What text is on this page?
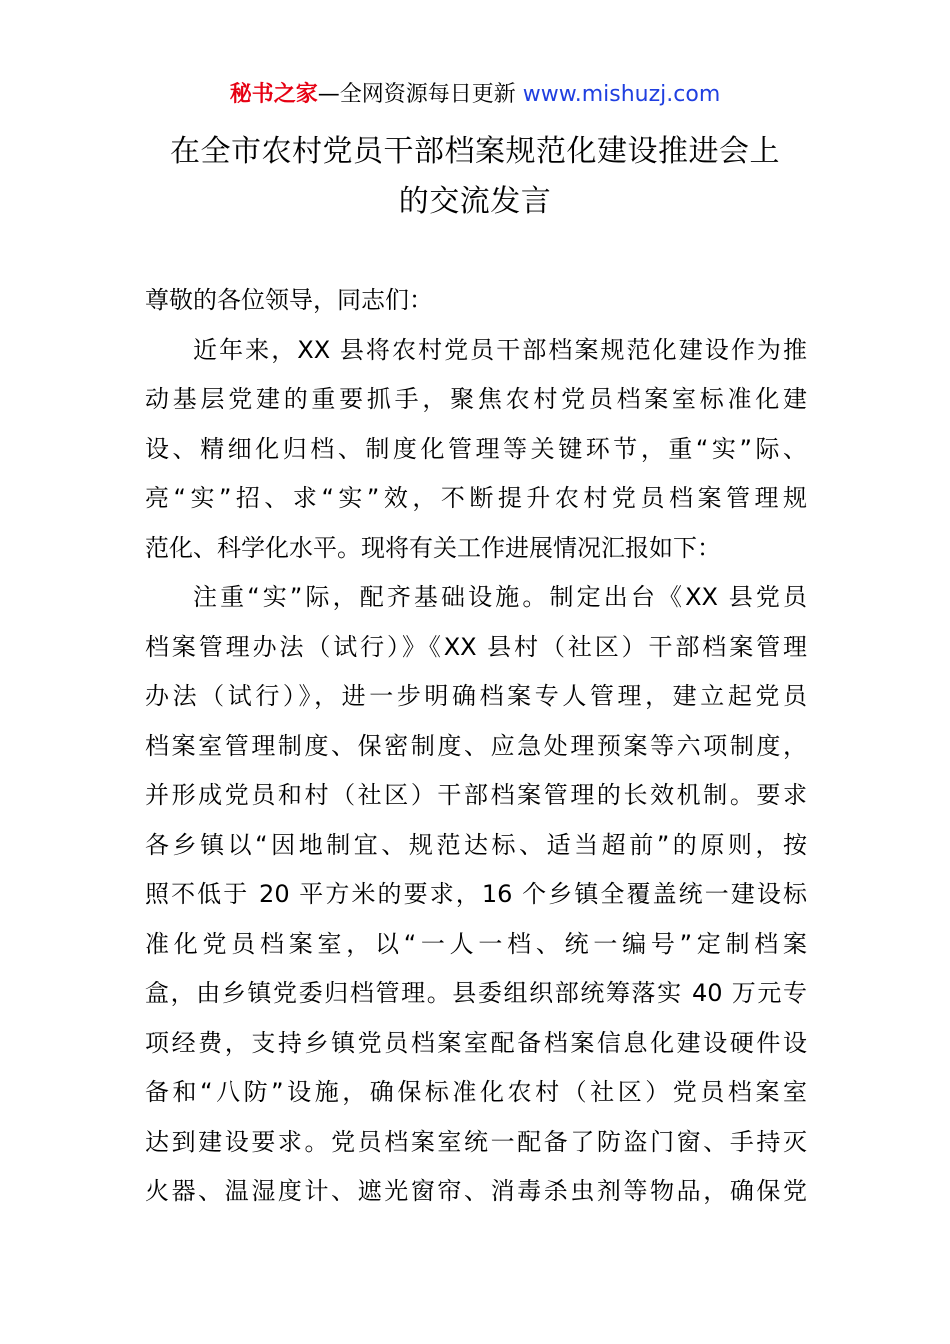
秘书之家—全网资源每日更新 www.mishuzj.com
在全市农村党员干部档案规范化建设推进会上
的交流发言
尊敬的各位领导，同志们：
近年来，XX 县将农村党员干部档案规范化建设作为推
动基层党建的重要抓手，聚焦农村党员档案室标准化建
设、精细化归档、制度化管理等关键环节，重“实”际、
亮“实”招、求“实”效，不断提升农村党员档案管理规
范化、科学化水平。现将有关工作进展情况汇报如下：
注重“实”际，配齐基础设施。制定出台《XX 县党员
档案管理办法（试行）》《XX 县村（社区）干部档案管理
办法（试行）》，进一步明确档案专人管理，建立起党员
档案室管理制度、保密制度、应急处理预案等六项制度，
并形成党员和村（社区）干部档案管理的长效机制。要求
各乡镇以“因地制宜、规范达标、适当超前”的原则，按
照不低于 20 平方米的要求，16 个乡镇全覆盖统一建设标
准化党员档案室，以“一人一档、统一编号”定制档案
盒，由乡镇党委归档管理。县委组织部统筹落实 40 万元专
项经费，支持乡镇党员档案室配备档案信息化建设硬件设
备和“八防”设施，确保标准化农村（社区）党员档案室
达到建设要求。党员档案室统一配备了防盗门窗、手持灭
火器、温湿度计、遮光窗帘、消毒杀虫剂等物品，确保党
